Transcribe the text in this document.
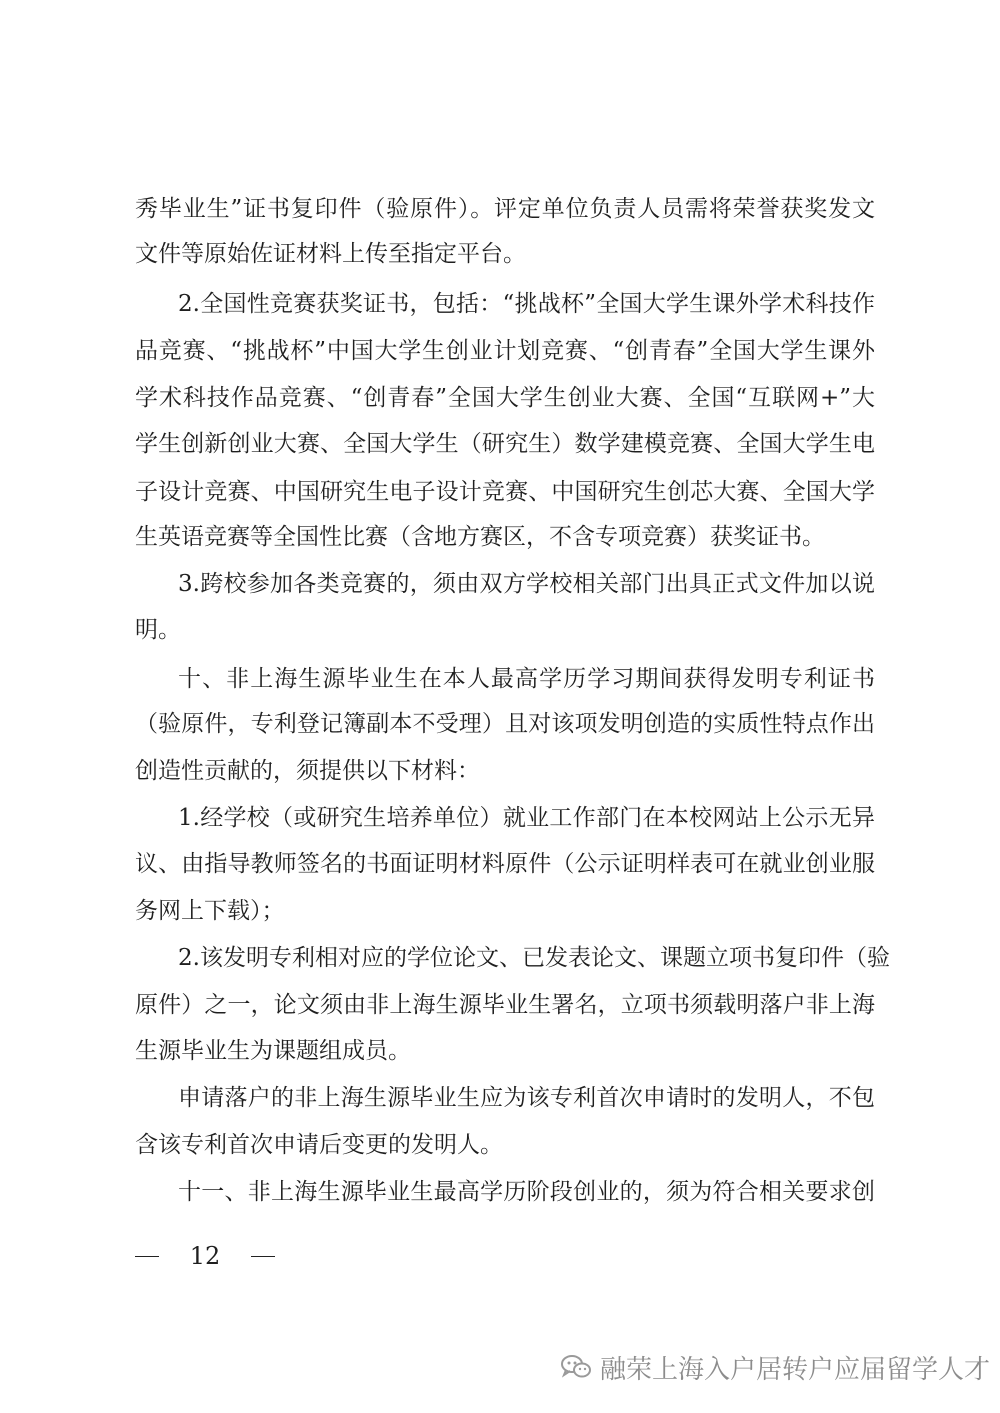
秀毕业生”证书复印件（验原件）。评定单位负责人员需将荣誉获奖发文
文件等原始佐证材料上传至指定平台。
2.全国性竞赛获奖证书，包括：“挑战杯”全国大学生课外学术科技作
品竞赛、“挑战杯”中国大学生创业计划竞赛、“创青春”全国大学生课外
学术科技作品竞赛、“创青春”全国大学生创业大赛、全国“互联网+”大
学生创新创业大赛、全国大学生（研究生）数学建模竞赛、全国大学生电
子设计竞赛、中国研究生电子设计竞赛、中国研究生创芯大赛、全国大学
生英语竞赛等全国性比赛（含地方赛区，不含专项竞赛）获奖证书。
3.跨校参加各类竞赛的，须由双方学校相关部门出具正式文件加以说
明。
十、非上海生源毕业生在本人最高学历学习期间获得发明专利证书
（验原件，专利登记簿副本不受理）且对该项发明创造的实质性特点作出
创造性贡献的，须提供以下材料：
1.经学校（或研究生培养单位）就业工作部门在本校网站上公示无异
议、由指导教师签名的书面证明材料原件（公示证明样表可在就业创业服
务网上下载）；
2.该发明专利相对应的学位论文、已发表论文、课题立项书复印件（验
原件）之一，论文须由非上海生源毕业生署名，立项书须载明落户非上海
生源毕业生为课题组成员。
申请落户的非上海生源毕业生应为该专利首次申请时的发明人，不包
含该专利首次申请后变更的发明人。
十一、非上海生源毕业生最高学历阶段创业的，须为符合相关要求创
12
融荣上海入户居转户应届留学人才
